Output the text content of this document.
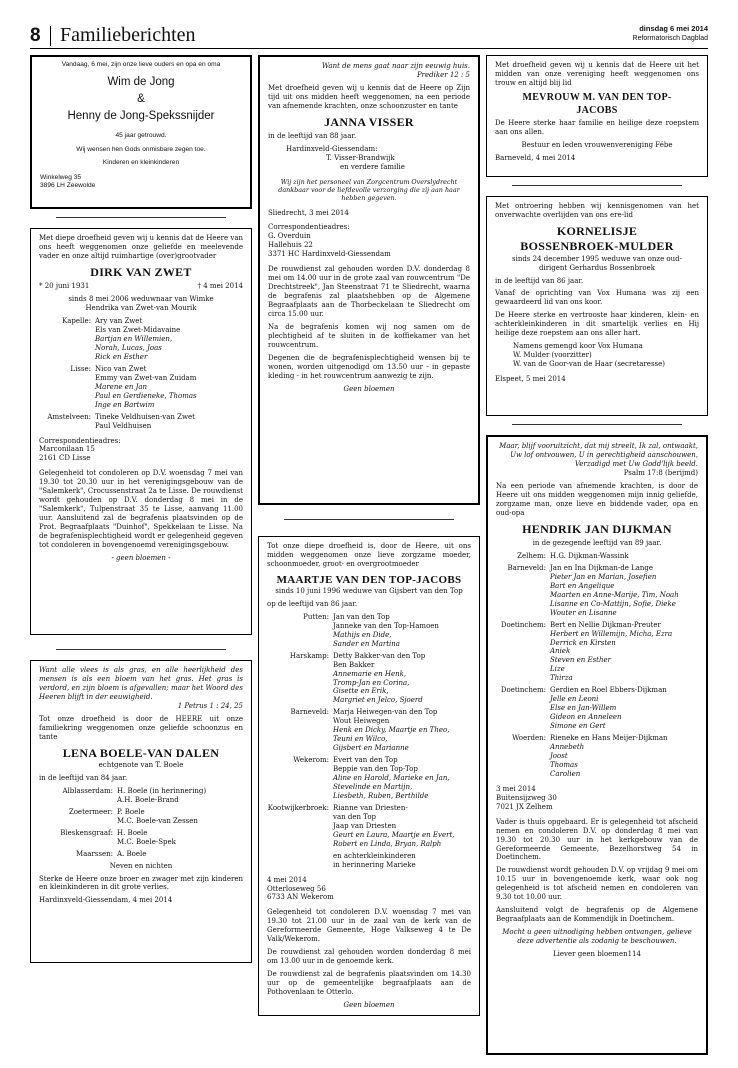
8 Familieberichten	dinsdag 6 mei 2014
Reformatorisch Dagblad
Vandaag, 6 mei, zijn onze lieve ouders en opa en oma
Wim de Jong
&
Henny de Jong-Spekssnijder
45 jaar getrouwd.
Wij wensen hen Gods onmisbare zegen toe.
Kinderen en kleinkinderen
Winkelweg 35
3896 LH Zeewolde

Met diepe droefheid geven wij u kennis dat de Heere van ons heeft weggenomen onze geliefde en meelevende vader en onze altijd ruimhartige (over)grootvader

DIRK VAN ZWET
* 20 juni 1931	† 4 mei 2014

sinds 8 mei 2006 weduwnaar van Wimke Hendrika van Zwet-van Mourik

Kapelle: Ary van Zwet
Els van Zwet-Midavaine
Bartjan en Willemien,
Norah, Lucas, Joas
Rick en Esther
Lisse: Nico van Zwet
Emmy van Zwet-van Zuidam
Marene en Jan
Paul en Gerdieneke, Thomas
Inge en Bartwim
Amstelveen: Tineke Veldhuisen-van Zwet
Paul Veldhuisen
Correspondentieadres:
Marconilaan 15
2161 CD Lisse

Gelegenheid tot condoleren op D.V. woensdag 7 mei van 19.30 tot 20.30 uur in het verenigingsgebouw van de "Salemkerk", Crocussenstraat 2a te Lisse. De rouwdienst wordt gehouden op D.V. donderdag 8 mei in de "Salemkerk", Tulpenstraat 35 te Lisse, aanvang 11.00 uur. Aansluitend zal de begrafenis plaatsvinden op de Prot. Begraafplaats "Duinhof", Spekkelaan te Lisse. Na de begrafenisplechtigheid wordt er gelegenheid gegeven tot condoleren in bovengenoemd verenigingsgebouw.

- geen bloemen -

Want alle vlees is als gras, en alle heerlijkheid des mensen is als een bloem van het gras. Het gras is verdord, en zijn bloem is afgevallen; maar het Woord des Heeren blijft in der eeuwigheid.

1 Petrus 1 : 24, 25

Tot onze droefheid is door de HEERE uit onze familiekring weggenomen onze geliefde schoonzus en tante

LENA BOELE-VAN DALEN

echtgenote van T. Boele

in de leeftijd van 84 jaar.

Alblasserdam: H. Boele (in herinnering)
A.H. Boele-Brand
Zoetermeer: P. Boele
M.C. Boele-van Zessen
Bleskensgraaf: H. Boele
M.C. Boele-Spek
Maarssen: A. Boele

Neven en nichten

Sterke de Heere onze broer en zwager met zijn kinderen en kleinkinderen in dit grote verlies.

Hardinxveld-Giessendam, 4 mei 2014

Want de mens gaat naar zijn eeuwig huis.

Prediker 12 : 5

Met droefheid geven wij u kennis dat de Heere op Zijn tijd uit ons midden heeft weggenomen, na een periode van afnemende krachten, onze schoonzuster en tante

JANNA VISSER

in de leeftijd van 88 jaar.

Hardinxveld-Giessendam:
T. Visser-Brandwijk

en verdere familie

Wij zijn het personeel van Zorgcentrum Overslydrecht dankbaar voor de liefdevolle verzorging die zij aan haar hebben gegeven.

Sliedrecht, 3 mei 2014

Correspondentieadres:
G. Overduin
Hallehuis 22
3371 HC Hardinxveld-Giessendam

De rouwdienst zal gehouden worden D.V. donderdag 8 mei om 14.00 uur in de grote zaal van rouwcentrum "De Drechtstreek", Jan Steenstraat 71 te Sliedrecht, waarna de begrafenis zal plaatshebben op de Algemene Begraafplaats aan de Thorbeckelaan te Sliedrecht om circa 15.00 uur.

Na de begrafenis komen wij nog samen om de plechtigheid af te sluiten in de koffiekamer van het rouwcentrum.

Degenen die de begrafenisplechtigheid wensen bij te wonen, worden uitgenodigd om 13.50 uur - in gepaste kleding - in het rouwcentrum aanwezig te zijn.

Geen bloemen

Tot onze diepe droefheid is, door de Heere, uit ons midden weggenomen onze lieve zorgzame moeder, schoonmoeder, groot- en overgrootmoeder

MAARTJE VAN DEN TOP-JACOBS

sinds 10 juni 1996 weduwe van Gijsbert van den Top

op de leeftijd van 86 jaar.

Putten: Jan van den Top
Janneke van den Top-Hamoen
Mathijs en Dide,
Sander en Martina
Harskamp: Detty Bakker-van den Top
Ben Bakker
Annemarie en Henk,
Tromp-Jan en Corina,
Gisette en Erik,
Margriet en Jelco, Sjoerd
Barneveld: Marja Heiwegen-van den Top
Wout Heiwegen
Henk en Dicky, Maartje en Theo,
Teuni en Wilco,
Gijsbert en Marianne
Wekerom: Evert van den Top
Beppie van den Top-Top
Aline en Harold, Marieke en Jan,
Stevelinde en Martijn,
Liesbeth, Ruben, Berthilde
Kootwijkerbroek: Rianne van Driesten-
van den Top
Jaap van Driesten
Geurt en Laura, Maartje en Evert,
Robert en Linda, Bryan, Ralph
en achterkleinkinderen

in herinnering Marieke

4 mei 2014
Otterloseweg 56
6733 AN Wekerom

Gelegenheid tot condoleren D.V. woensdag 7 mei van 19.30 tot 21.00 uur in de zaal van de kerk van de Gereformeerde Gemeente, Hoge Valkseweg 4 te De Valk/Wekerom.

De rouwdienst zal gehouden worden donderdag 8 mei om 13.00 uur in de genoemde kerk.

De rouwdienst zal de begrafenis plaatsvinden om 14.30 uur op de gemeentelijke begraafplaats aan de Pothovenlaan te Otterlo.

Geen bloemen

Met droefheid geven wij u kennis dat de Heere uit het midden van onze vereniging heeft weggenomen ons trouw en altijd blij lid

MEVROUW M. VAN DEN TOP-JACOBS

De Heere sterke haar familie en heilige deze roepstem aan ons allen.

Bestuur en leden vrouwenvereniging Fébe

Barneveld, 4 mei 2014

Met ontroering hebben wij kennisgenomen van het onverwachte overlijden van ons ere-lid

KORNELISJE
BOSSENBROEK-MULDER

sinds 24 december 1995 weduwe van onze oud-dirigent Gerhardus Bossenbroek

in de leeftijd van 86 jaar.

Vanaf de oprichting van Vox Humana was zij een gewaardeerd lid van ons koor.

De Heere sterke en vertrooste haar kinderen, klein- en achterkleinkinderen in dit smartelijk verlies en Hij heilige deze roepstem aan ons aller hart.

Namens gemengd koor Vox Humana
W. Mulder (voorzitter)
W. van de Goor-van de Haar (secretaresse)

Elspeet, 5 mei 2014

Maar, blijf vooruitzicht, dat mij streelt, Ik zal, ontwaakt, Uw lof ontvouwen, U in gerechtigheid aanschouwen, Verzadigd met Uw Godd'lijk beeld.

Psalm 17:8 (berijmd)

Na een periode van afnemende krachten, is door de Heere uit ons midden weggenomen mijn innig geliefde, zorgzame man, onze lieve en biddende vader, opa en oud-opa

HENDRIK JAN DIJKMAN

in de gezegende leeftijd van 89 jaar.

Zelhem: H.G. Dijkman-Wassink
Barneveld: Jan en Ina Dijkman-de Lange
Pieter Jan en Marian, Josefien
Bart en Angelique
Maarten en Anne-Marije, Tim, Noah
Lisanne en Co-Mattijn, Sofie, Dieke
Wouter en Lisanne
Doetinchem: Bert en Nellie Dijkman-Preuter
Herbert en Willemijn, Micha, Ezra
Derrick en Kirsten
Aniek
Steven en Esther
Lize
Thirza
Doetinchem: Gerdien en Roel Ebbers-Dijkman
Jelle en Leoni
Else en Jan-Willem
Gideon en Anneleen
Simone en Gert
Woerden: Rieneke en Hans Meijer-Dijkman
Annebeth
Joost
Thomas
Carolien
3 mei 2014
Buitensijzweg 30
7021 JX Zelhem

Vader is thuis opgebaard. Er is gelegenheid tot afscheid nemen en condoleren D.V. op donderdag 8 mei van 19.30 tot 20.30 uur in het kerkgebouw van de Gereformeerde Gemeente, Bezelhorstweg 54 in Doetinchem.

De rouwdienst wordt gehouden D.V. op vrijdag 9 mei om 10.15 uur in bovengenoemde kerk, waar ook nog gelegenheid is tot afscheid nemen en condoleren van 9.30 tot 10.00 uur.

Aansluitend volgt de begrafenis op de Algemene Begraafplaats aan de Kommendijk in Doetinchem.

Mocht u geen uitnodiging hebben ontvangen, gelieve deze advertentie als zodanig te beschouwen.

Liever geen bloemen114
